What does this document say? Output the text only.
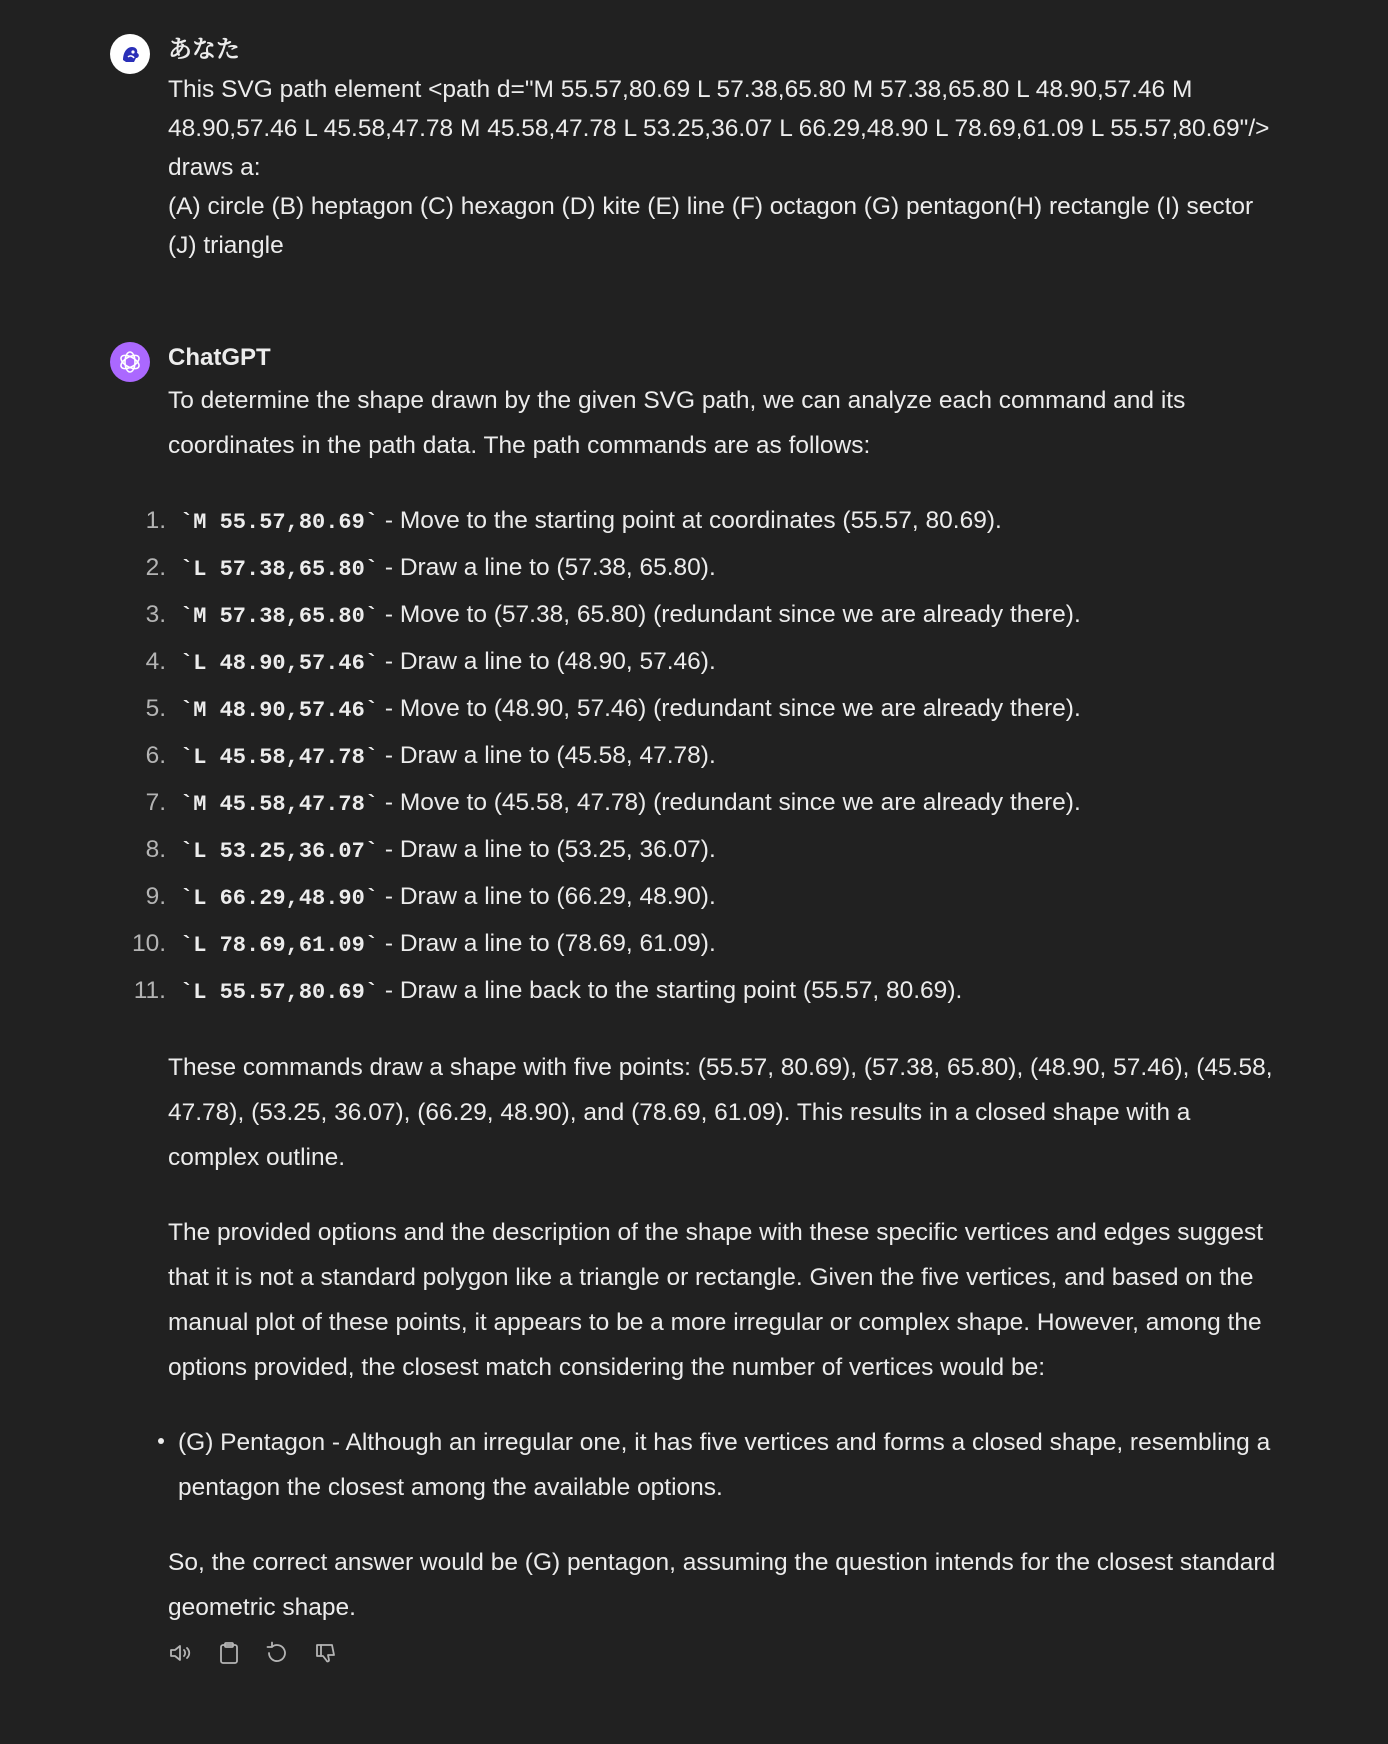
あなた

This SVG path element <path d="M 55.57,80.69 L 57.38,65.80 M 57.38,65.80 L 48.90,57.46 M 48.90,57.46 L 45.58,47.78 M 45.58,47.78 L 53.25,36.07 L 66.29,48.90 L 78.69,61.09 L 55.57,80.69"/>
draws a:
(A) circle (B) heptagon (C) hexagon (D) kite (E) line (F) octagon (G) pentagon(H) rectangle (I) sector (J) triangle

ChatGPT

To determine the shape drawn by the given SVG path, we can analyze each command and its coordinates in the path data. The path commands are as follows:

1. `M 55.57,80.69` - Move to the starting point at coordinates (55.57, 80.69).
2. `L 57.38,65.80` - Draw a line to (57.38, 65.80).
3. `M 57.38,65.80` - Move to (57.38, 65.80) (redundant since we are already there).
4. `L 48.90,57.46` - Draw a line to (48.90, 57.46).
5. `M 48.90,57.46` - Move to (48.90, 57.46) (redundant since we are already there).
6. `L 45.58,47.78` - Draw a line to (45.58, 47.78).
7. `M 45.58,47.78` - Move to (45.58, 47.78) (redundant since we are already there).
8. `L 53.25,36.07` - Draw a line to (53.25, 36.07).
9. `L 66.29,48.90` - Draw a line to (66.29, 48.90).
10. `L 78.69,61.09` - Draw a line to (78.69, 61.09).
11. `L 55.57,80.69` - Draw a line back to the starting point (55.57, 80.69).

These commands draw a shape with five points: (55.57, 80.69), (57.38, 65.80), (48.90, 57.46), (45.58, 47.78), (53.25, 36.07), (66.29, 48.90), and (78.69, 61.09). This results in a closed shape with a complex outline.

The provided options and the description of the shape with these specific vertices and edges suggest that it is not a standard polygon like a triangle or rectangle. Given the five vertices, and based on the manual plot of these points, it appears to be a more irregular or complex shape. However, among the options provided, the closest match considering the number of vertices would be:

(G) Pentagon - Although an irregular one, it has five vertices and forms a closed shape, resembling a pentagon the closest among the available options.

So, the correct answer would be (G) pentagon, assuming the question intends for the closest standard geometric shape.
